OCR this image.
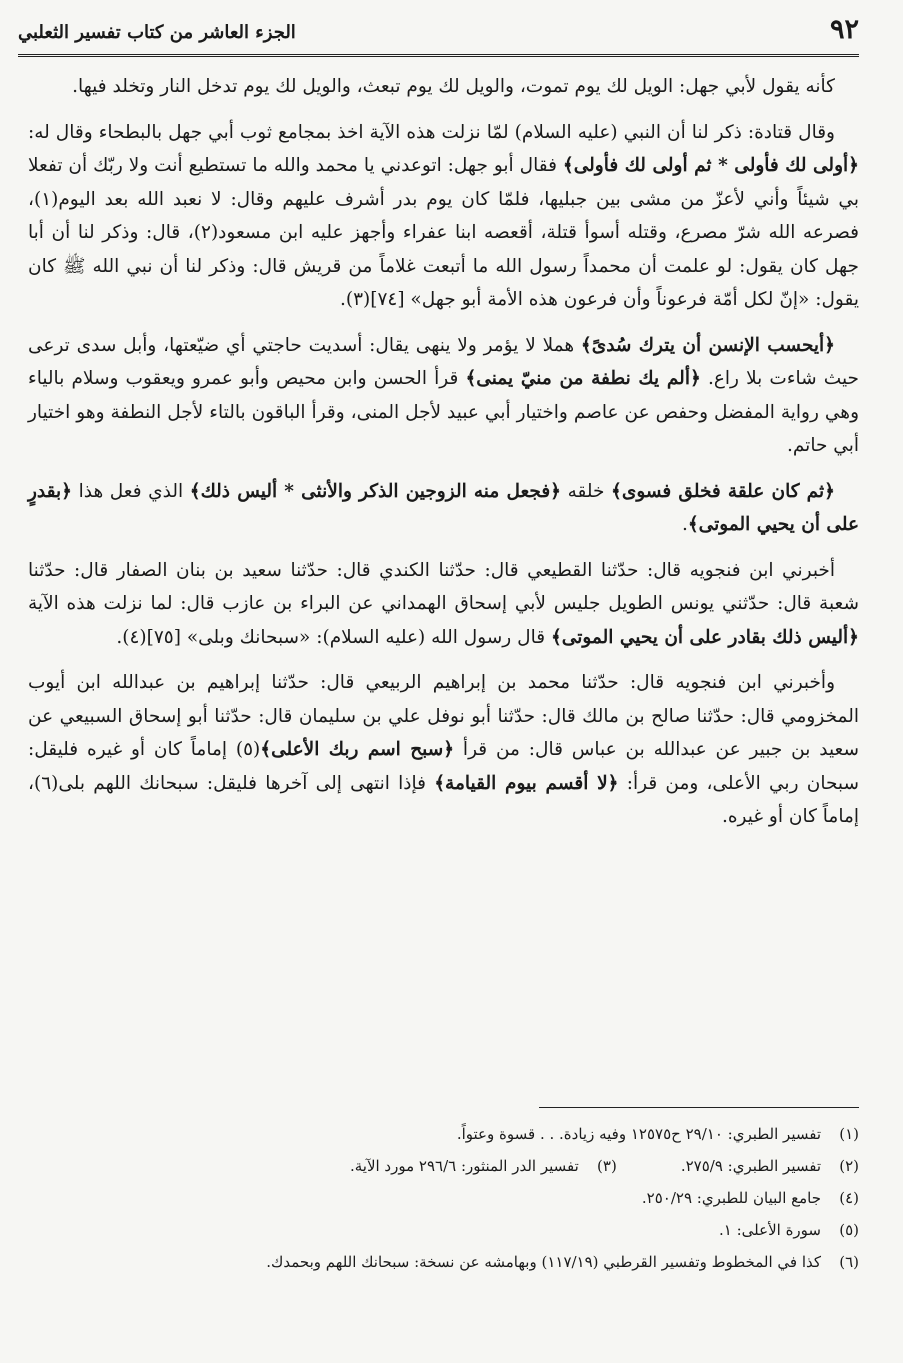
٩٢
الجزء العاشر من كتاب تفسير الثعلبي

كأنه يقول لأبي جهل: الويل لك يوم تموت، والويل لك يوم تبعث، والويل لك يوم تدخل النار وتخلد فيها.

وقال قتادة: ذكر لنا أن النبي (عليه السلام) لمّا نزلت هذه الآية اخذ بمجامع ثوب أبي جهل بالبطحاء وقال له: ﴿أولى لك فأولى * ثم أولى لك فأولى﴾ فقال أبو جهل: اتوعدني يا محمد والله ما تستطيع أنت ولا ربّك أن تفعلا بي شيئاً وأني لأعزّ من مشى بين جبليها، فلمّا كان يوم بدر أشرف عليهم وقال: لا نعبد الله بعد اليوم(١)، فصرعه الله شرّ مصرع، وقتله أسوأ قتلة، أقعصه ابنا عفراء وأجهز عليه ابن مسعود(٢)، قال: وذكر لنا أن أبا جهل كان يقول: لو علمت أن محمداً رسول الله ما أتبعت غلاماً من قريش قال: وذكر لنا أن نبي الله ﷺ كان يقول: «إنّ لكل أمّة فرعوناً وأن فرعون هذه الأمة أبو جهل» [٧٤](٣).

﴿أيحسب الإنسن أن يترك سُدىً﴾ هملا لا يؤمر ولا ينهى يقال: أسديت حاجتي أي ضيّعتها، وأبل سدى ترعى حيث شاءت بلا راع. ﴿ألم يك نطفة من منيّ يمنى﴾ قرأ الحسن وابن محيص وأبو عمرو ويعقوب وسلام بالياء وهي رواية المفضل وحفص عن عاصم واختيار أبي عبيد لأجل المنى، وقرأ الباقون بالتاء لأجل النطفة وهو اختيار أبي حاتم.

﴿ثم كان علقة فخلق فسوى﴾ خلقه ﴿فجعل منه الزوجين الذكر والأنثى * أليس ذلك﴾ الذي فعل هذا ﴿بقدرٍ على أن يحيي الموتى﴾.

أخبرني ابن فنجويه قال: حدّثنا القطيعي قال: حدّثنا الكندي قال: حدّثنا سعيد بن بنان الصفار قال: حدّثنا شعبة قال: حدّثني يونس الطويل جليس لأبي إسحاق الهمداني عن البراء بن عازب قال: لما نزلت هذه الآية ﴿أليس ذلك بقادر على أن يحيي الموتى﴾ قال رسول الله (عليه السلام): «سبحانك وبلى» [٧٥](٤).

وأخبرني ابن فنجويه قال: حدّثنا محمد بن إبراهيم الربيعي قال: حدّثنا إبراهيم بن عبدالله ابن أيوب المخزومي قال: حدّثنا صالح بن مالك قال: حدّثنا أبو نوفل علي بن سليمان قال: حدّثنا أبو إسحاق السبيعي عن سعيد بن جبير عن عبدالله بن عباس قال: من قرأ ﴿سبح اسم ربك الأعلى﴾(٥) إماماً كان أو غيره فليقل: سبحان ربي الأعلى، ومن قرأ: ﴿لا أقسم بيوم القيامة﴾ فإذا انتهى إلى آخرها فليقل: سبحانك اللهم بلى(٦)، إماماً كان أو غيره.

(١)تفسير الطبري: ٢٩/١٠ ح١٢٥٧٥ وفيه زيادة. . . قسوة وعتواً.
(٢)تفسير الطبري: ٢٧٥/٩.(٣)تفسير الدر المنثور: ٢٩٦/٦ مورد الآية.
(٤)جامع البيان للطبري: ٢٥٠/٢٩.
(٥)سورة الأعلى: ١.
(٦)كذا في المخطوط وتفسير القرطبي (١١٧/١٩) وبهامشه عن نسخة: سبحانك اللهم وبحمدك.
